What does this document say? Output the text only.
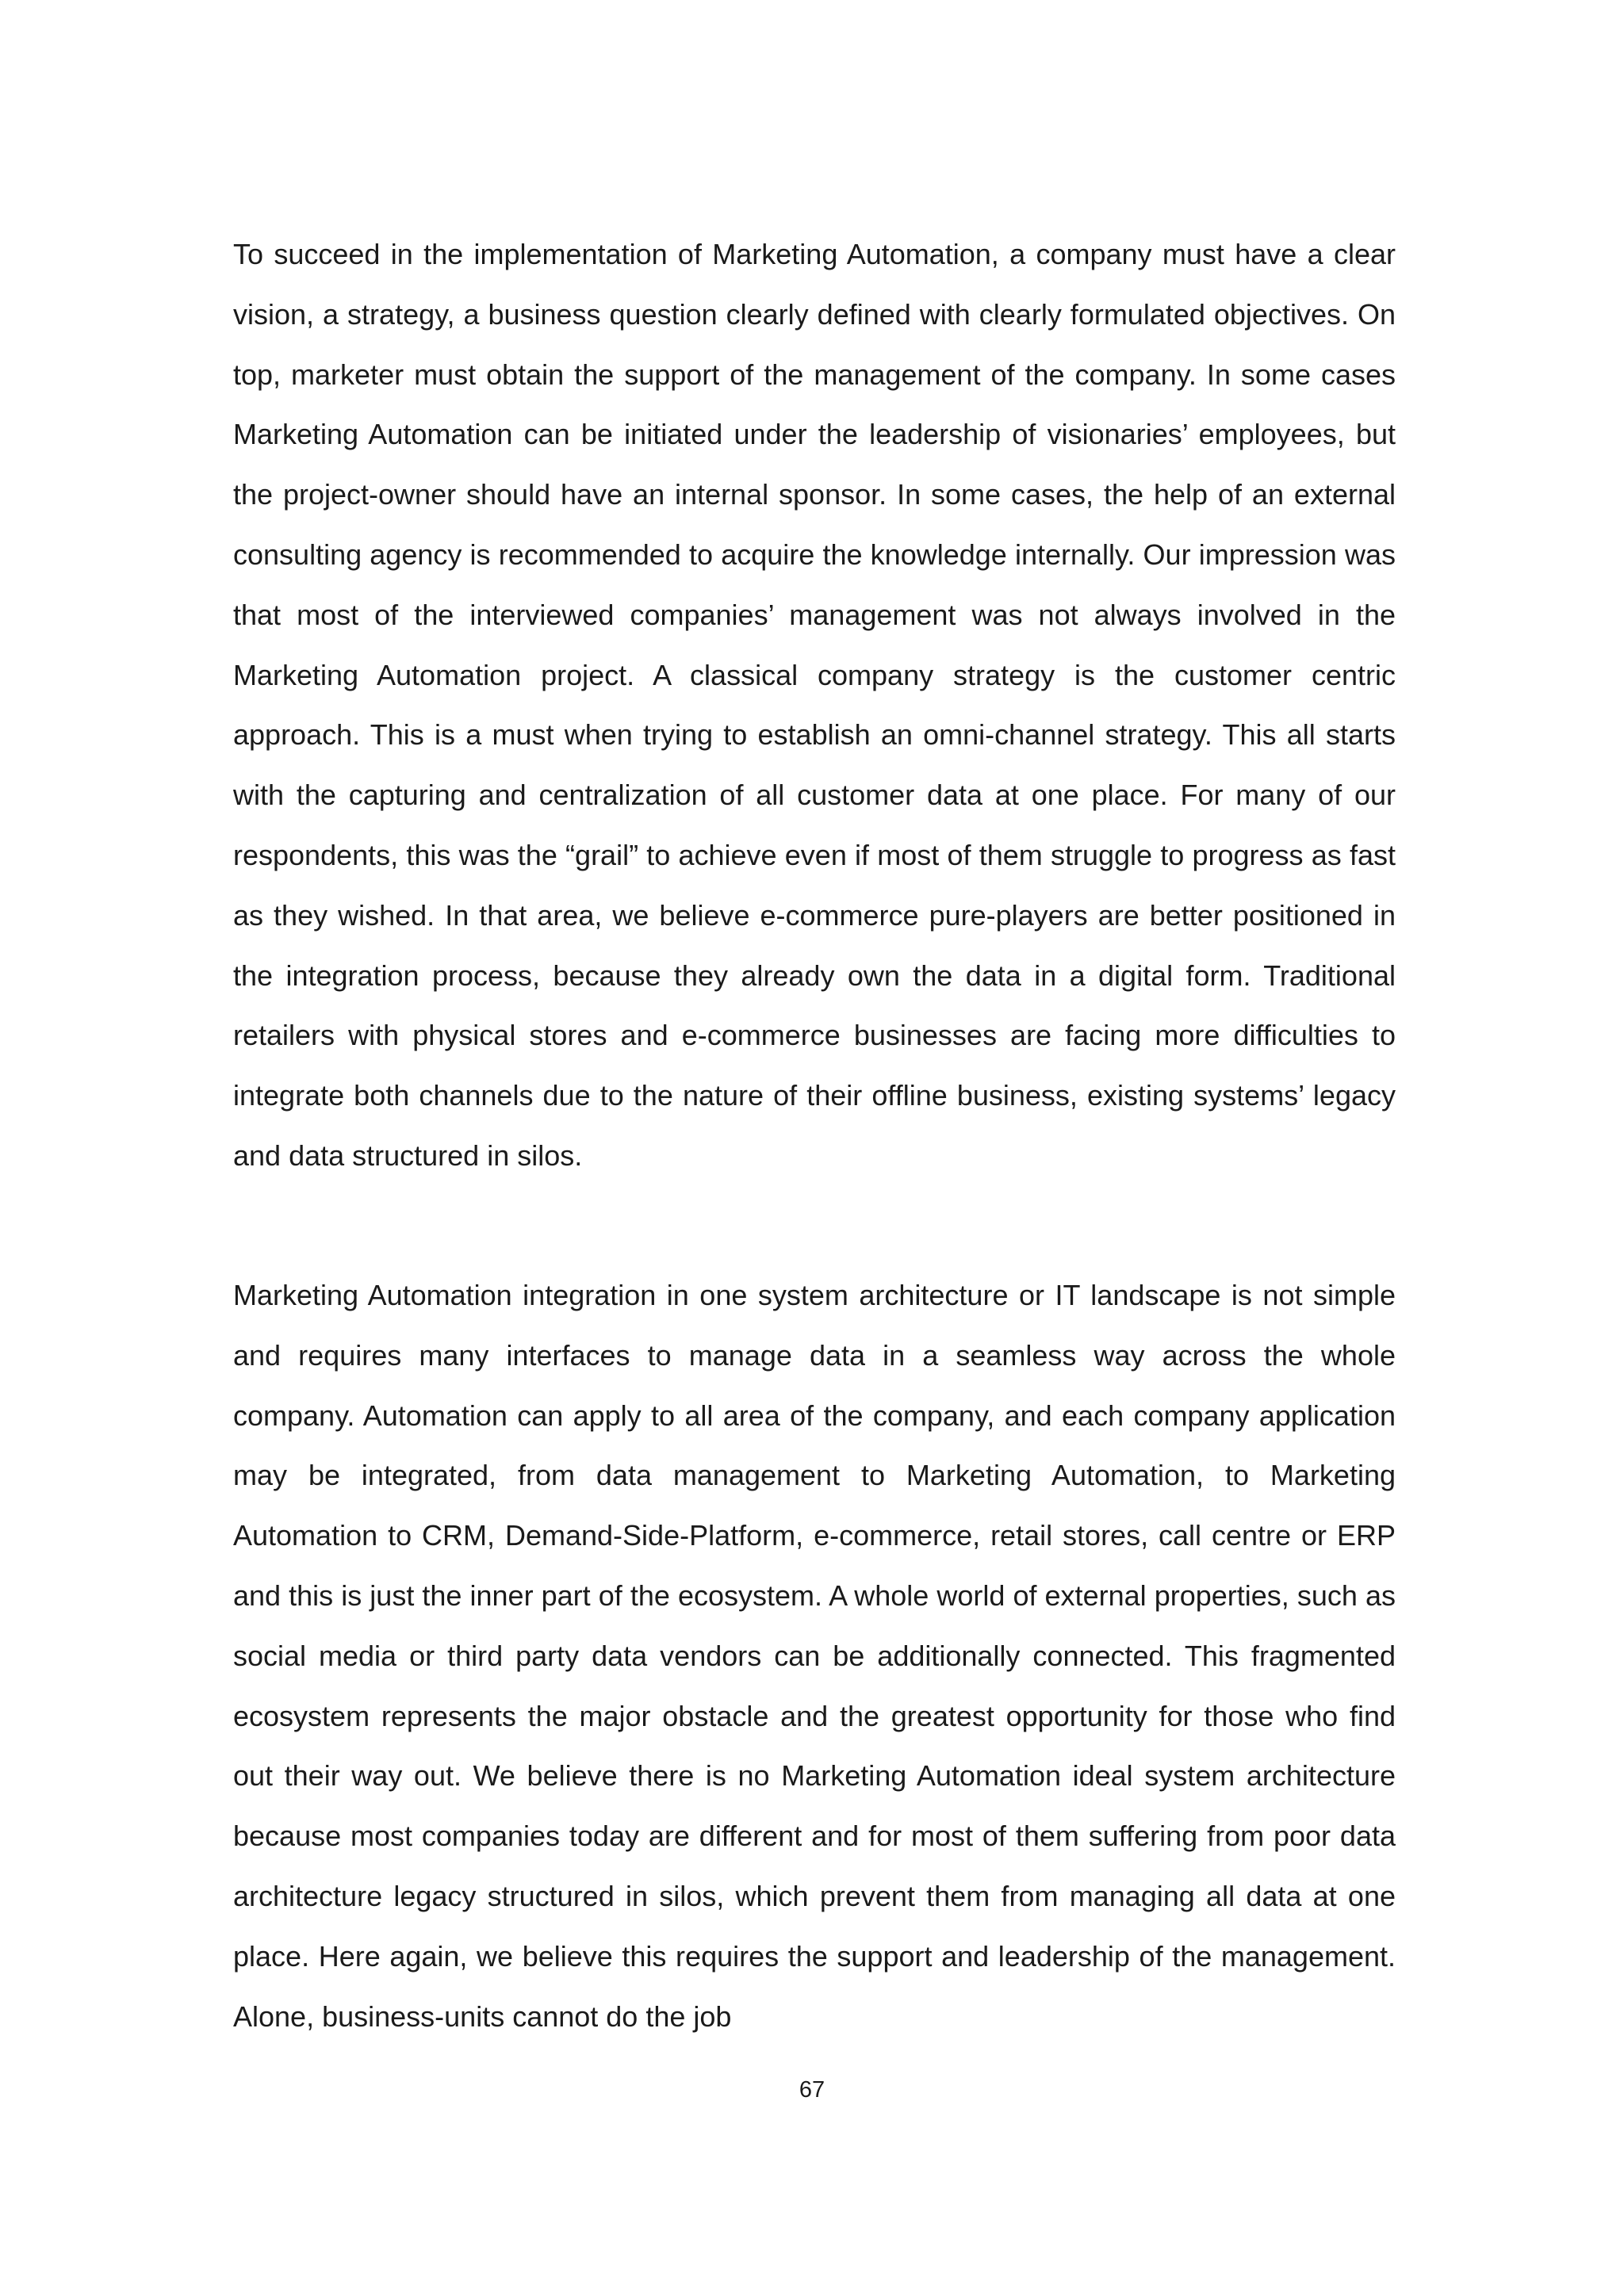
To succeed in the implementation of Marketing Automation, a company must have a clear vision, a strategy, a business question clearly defined with clearly formulated objectives. On top, marketer must obtain the support of the management of the company. In some cases Marketing Automation can be initiated under the leadership of visionaries’ employees, but the project-owner should have an internal sponsor. In some cases, the help of an external consulting agency is recommended to acquire the knowledge internally. Our impression was that most of the interviewed companies’ management was not always involved in the Marketing Automation project. A classical company strategy is the customer centric approach. This is a must when trying to establish an omni-channel strategy. This all starts with the capturing and centralization of all customer data at one place. For many of our respondents, this was the “grail” to achieve even if most of them struggle to progress as fast as they wished. In that area, we believe e-commerce pure-players are better positioned in the integration process, because they already own the data in a digital form. Traditional retailers with physical stores and e-commerce businesses are facing more difficulties to integrate both channels due to the nature of their offline business, existing systems’ legacy and data structured in silos.

Marketing Automation integration in one system architecture or IT landscape is not simple and requires many interfaces to manage data in a seamless way across the whole company. Automation can apply to all area of the company, and each company application may be integrated, from data management to Marketing Automation, to Marketing Automation to CRM, Demand-Side-Platform, e-commerce, retail stores, call centre or ERP and this is just the inner part of the ecosystem. A whole world of external properties, such as social media or third party data vendors can be additionally connected. This fragmented ecosystem represents the major obstacle and the greatest opportunity for those who find out their way out. We believe there is no Marketing Automation ideal system architecture because most companies today are different and for most of them suffering from poor data architecture legacy structured in silos, which prevent them from managing all data at one place. Here again, we believe this requires the support and leadership of the management. Alone, business-units cannot do the job

67
